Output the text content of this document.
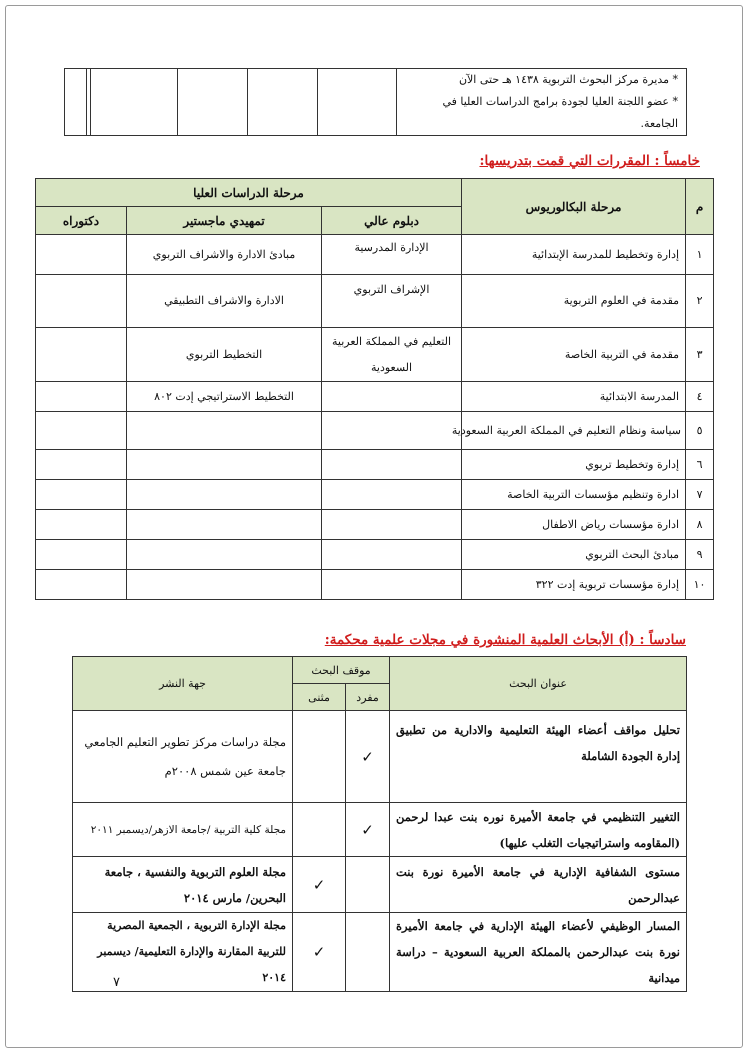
* مديرة مركز البحوث التربوية ١٤٣٨ هـ حتى الآن
* عضو اللجنة العليا لجودة برامج الدراسات العليا في الجامعة.

خامساً : المقررات التي قمت بتدريسها:
م	مرحلة البكالوريوس	مرحلة الدراسات العليا		
		دبلوم عالي	تمهيدي ماجستير	دكتوراه
١	إدارة وتخطيط للمدرسة الإبتدائية	الإدارة المدرسية	مبادئ الادارة والاشراف التربوي	
٢	مقدمة في العلوم التربوية	الإشراف التربوي	الادارة والاشراف التطبيقي	
٣	مقدمة في التربية الخاصة	التعليم في المملكة العربية السعودية	التخطيط التربوي	
٤	المدرسة الابتدائية		التخطيط الاستراتيجي إدت ٨٠٢	
٥	سياسة ونظام التعليم في المملكة العربية السعودية			
٦	إدارة وتخطيط تربوي			
٧	ادارة وتنظيم مؤسسات التربية الخاصة			
٨	ادارة مؤسسات رياض الاطفال			
٩	مبادئ البحث التربوي			
١٠	إدارة مؤسسات تربوية إدت ٣٢٢			
سادساً : (أ) الأبحاث العلمية المنشورة في مجلات علمية محكمة:
عنوان البحث	موقف البحث		جهة النشر
	مفرد	مثنى	
تحليل مواقف أعضاء الهيئة التعليمية والادارية من تطبيق إدارة الجودة الشاملة	✓		مجلة دراسات مركز تطوير التعليم الجامعي جامعة عين شمس ٢٠٠٨م
التغيير التنظيمي في جامعة الأميرة نوره بنت عبدا لرحمن (المقاومه واستراتيجيات التغلب عليها)	✓		مجلة كلية التربية /جامعة الازهر/ديسمبر ٢٠١١
مستوى الشفافية الإدارية في جامعة الأميرة نورة بنت عبدالرحمن		✓	مجلة العلوم التربوية والنفسية ، جامعة البحرين/ مارس ٢٠١٤
المسار الوظيفي لأعضاء الهيئة الإدارية في جامعة الأميرة نورة بنت عبدالرحمن بالمملكة العربية السعودية – دراسة ميدانية		✓	مجلة الإدارة التربوية ، الجمعية المصرية للتربية المقارنة والإدارة التعليمية/ ديسمبر ٢٠١٤
٧
